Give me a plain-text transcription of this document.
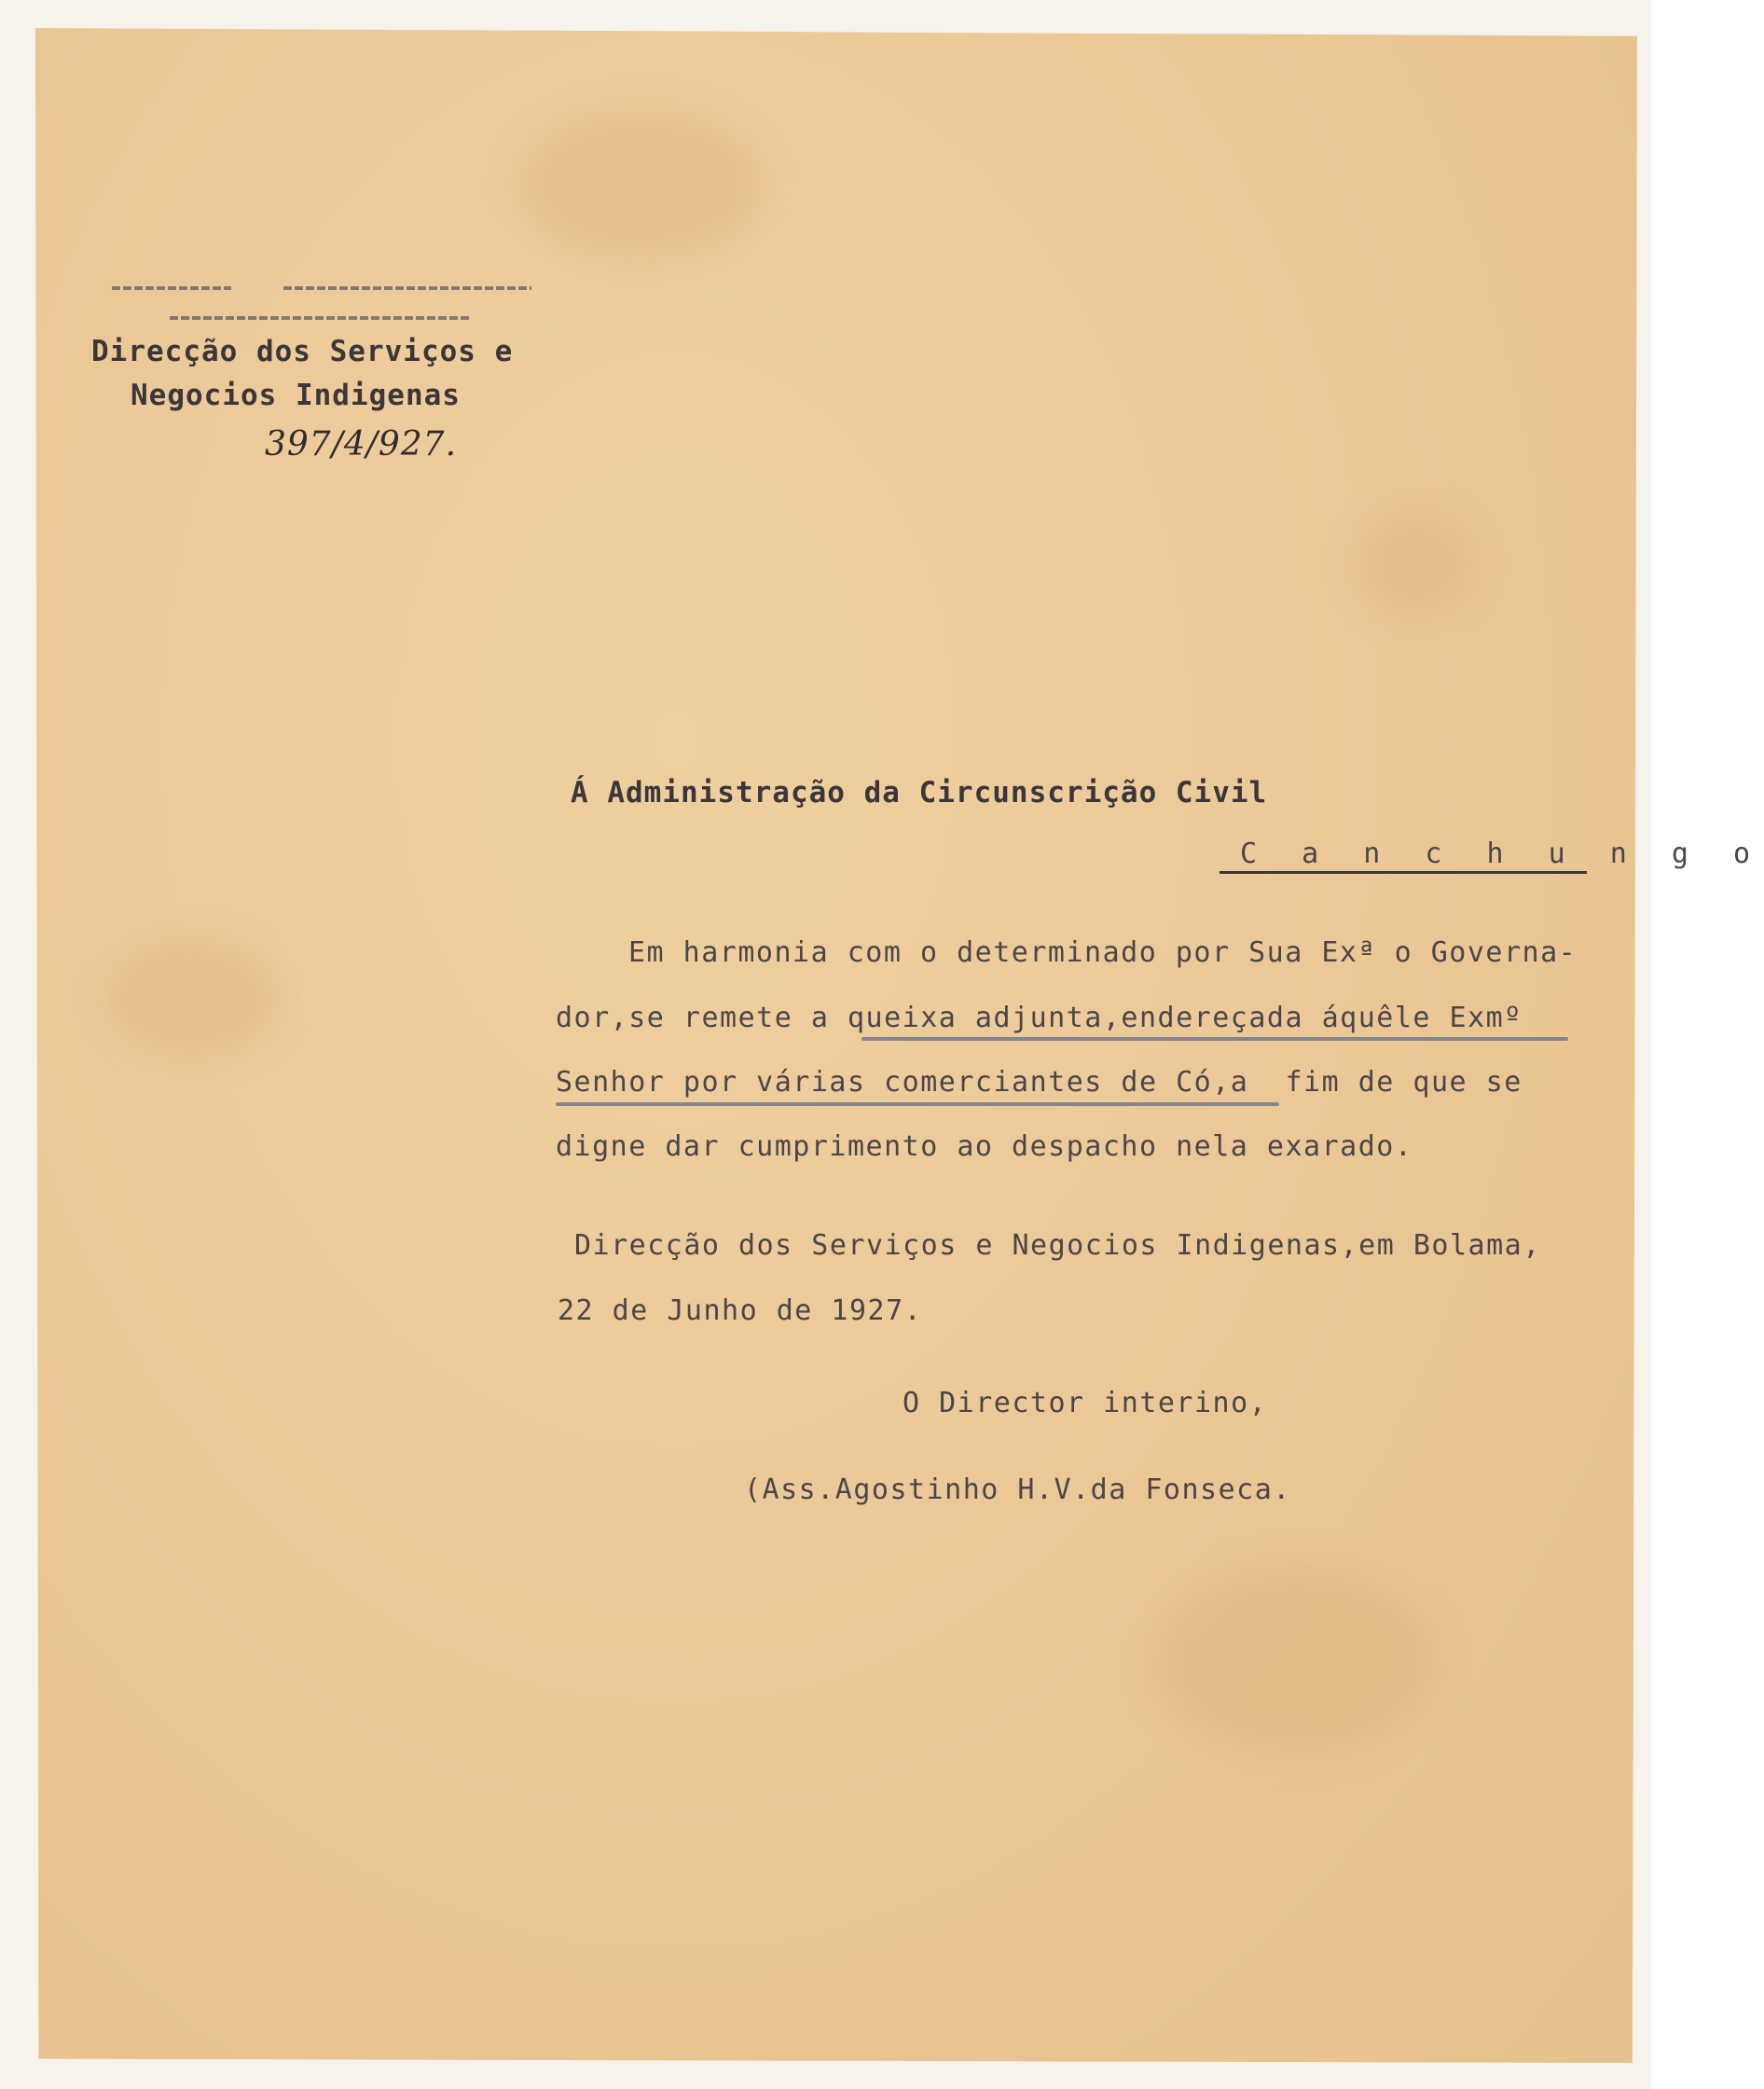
Direcção dos Serviços e
Negocios Indigenas
397/4/927.
Á Administração da Circunscrição Civil
C a n c h u n g o
Em harmonia com o determinado por Sua Exª o Governa-
dor,se remete a queixa adjunta,endereçada áquêle Exmº
Senhor por várias comerciantes de Có,a  fim de que se
digne dar cumprimento ao despacho nela exarado.
Direcção dos Serviços e Negocios Indigenas,em Bolama,
22 de Junho de 1927.
O Director interino,
(Ass.Agostinho H.V.da Fonseca.
